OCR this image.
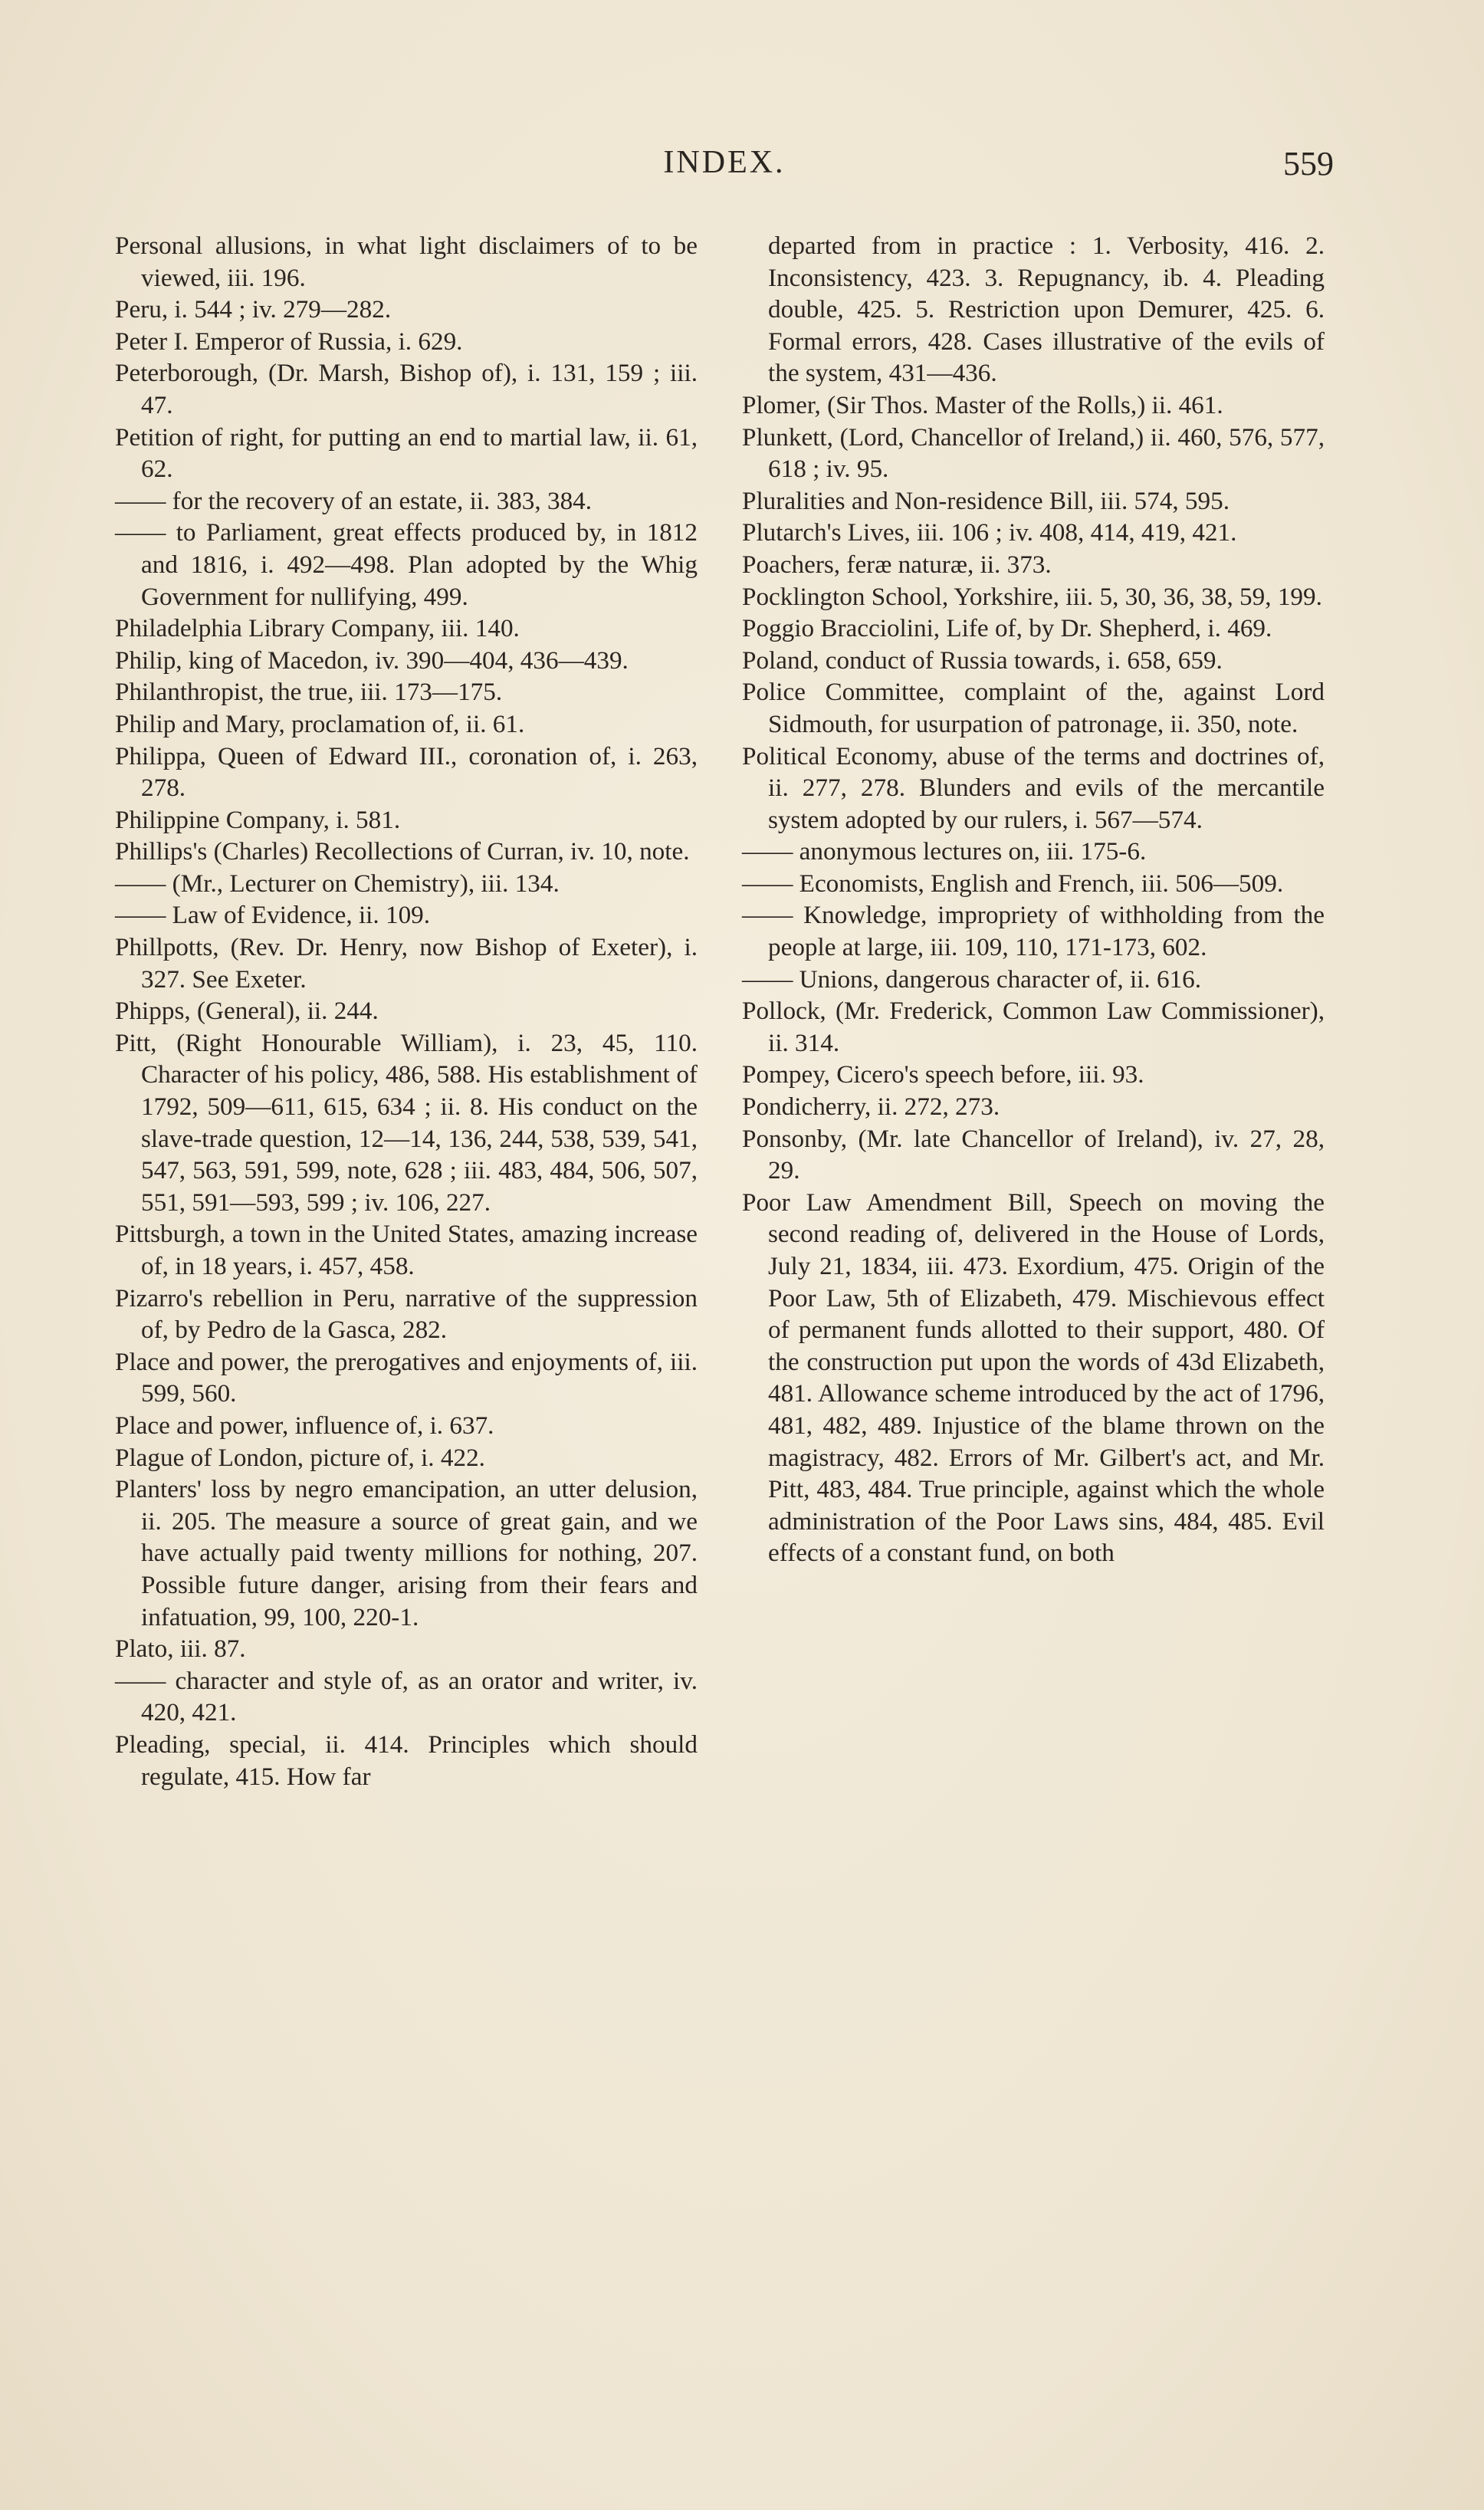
INDEX.	559

Personal allusions, in what light disclaimers of to be viewed, iii. 196.

Peru, i. 544 ; iv. 279—282.

Peter I. Emperor of Russia, i. 629.

Peterborough, (Dr. Marsh, Bishop of), i. 131, 159 ; iii. 47.

Petition of right, for putting an end to martial law, ii. 61, 62.

—— for the recovery of an estate, ii. 383, 384.

—— to Parliament, great effects produced by, in 1812 and 1816, i. 492—498. Plan adopted by the Whig Government for nullifying, 499.

Philadelphia Library Company, iii. 140.

Philip, king of Macedon, iv. 390—404, 436—439.

Philanthropist, the true, iii. 173—175.

Philip and Mary, proclamation of, ii. 61.

Philippa, Queen of Edward III., coronation of, i. 263, 278.

Philippine Company, i. 581.

Phillips's (Charles) Recollections of Curran, iv. 10, note.

—— (Mr., Lecturer on Chemistry), iii. 134.

—— Law of Evidence, ii. 109.

Phillpotts, (Rev. Dr. Henry, now Bishop of Exeter), i. 327. See Exeter.

Phipps, (General), ii. 244.

Pitt, (Right Honourable William), i. 23, 45, 110. Character of his policy, 486, 588. His establishment of 1792, 509—611, 615, 634 ; ii. 8. His conduct on the slave-trade question, 12—14, 136, 244, 538, 539, 541, 547, 563, 591, 599, note, 628 ; iii. 483, 484, 506, 507, 551, 591—593, 599 ; iv. 106, 227.

Pittsburgh, a town in the United States, amazing increase of, in 18 years, i. 457, 458.

Pizarro's rebellion in Peru, narrative of the suppression of, by Pedro de la Gasca, 282.

Place and power, the prerogatives and enjoyments of, iii. 599, 560.

Place and power, influence of, i. 637.

Plague of London, picture of, i. 422.

Planters' loss by negro emancipation, an utter delusion, ii. 205. The measure a source of great gain, and we have actually paid twenty millions for nothing, 207. Possible future danger, arising from their fears and infatuation, 99, 100, 220-1.

Plato, iii. 87.

—— character and style of, as an orator and writer, iv. 420, 421.

Pleading, special, ii. 414. Principles which should regulate, 415. How far

departed from in practice : 1. Verbosity, 416. 2. Inconsistency, 423. 3. Repugnancy, ib. 4. Pleading double, 425. 5. Restriction upon Demurer, 425. 6. Formal errors, 428. Cases illustrative of the evils of the system, 431—436.

Plomer, (Sir Thos. Master of the Rolls,) ii. 461.

Plunkett, (Lord, Chancellor of Ireland,) ii. 460, 576, 577, 618 ; iv. 95.

Pluralities and Non-residence Bill, iii. 574, 595.

Plutarch's Lives, iii. 106 ; iv. 408, 414, 419, 421.

Poachers, feræ naturæ, ii. 373.

Pocklington School, Yorkshire, iii. 5, 30, 36, 38, 59, 199.

Poggio Bracciolini, Life of, by Dr. Shepherd, i. 469.

Poland, conduct of Russia towards, i. 658, 659.

Police Committee, complaint of the, against Lord Sidmouth, for usurpation of patronage, ii. 350, note.

Political Economy, abuse of the terms and doctrines of, ii. 277, 278. Blunders and evils of the mercantile system adopted by our rulers, i. 567—574.

—— anonymous lectures on, iii. 175-6.

—— Economists, English and French, iii. 506—509.

—— Knowledge, impropriety of withholding from the people at large, iii. 109, 110, 171-173, 602.

—— Unions, dangerous character of, ii. 616.

Pollock, (Mr. Frederick, Common Law Commissioner), ii. 314.

Pompey, Cicero's speech before, iii. 93.

Pondicherry, ii. 272, 273.

Ponsonby, (Mr. late Chancellor of Ireland), iv. 27, 28, 29.

Poor Law Amendment Bill, Speech on moving the second reading of, delivered in the House of Lords, July 21, 1834, iii. 473. Exordium, 475. Origin of the Poor Law, 5th of Elizabeth, 479. Mischievous effect of permanent funds allotted to their support, 480. Of the construction put upon the words of 43d Elizabeth, 481. Allowance scheme introduced by the act of 1796, 481, 482, 489. Injustice of the blame thrown on the magistracy, 482. Errors of Mr. Gilbert's act, and Mr. Pitt, 483, 484. True principle, against which the whole administration of the Poor Laws sins, 484, 485. Evil effects of a constant fund, on both
